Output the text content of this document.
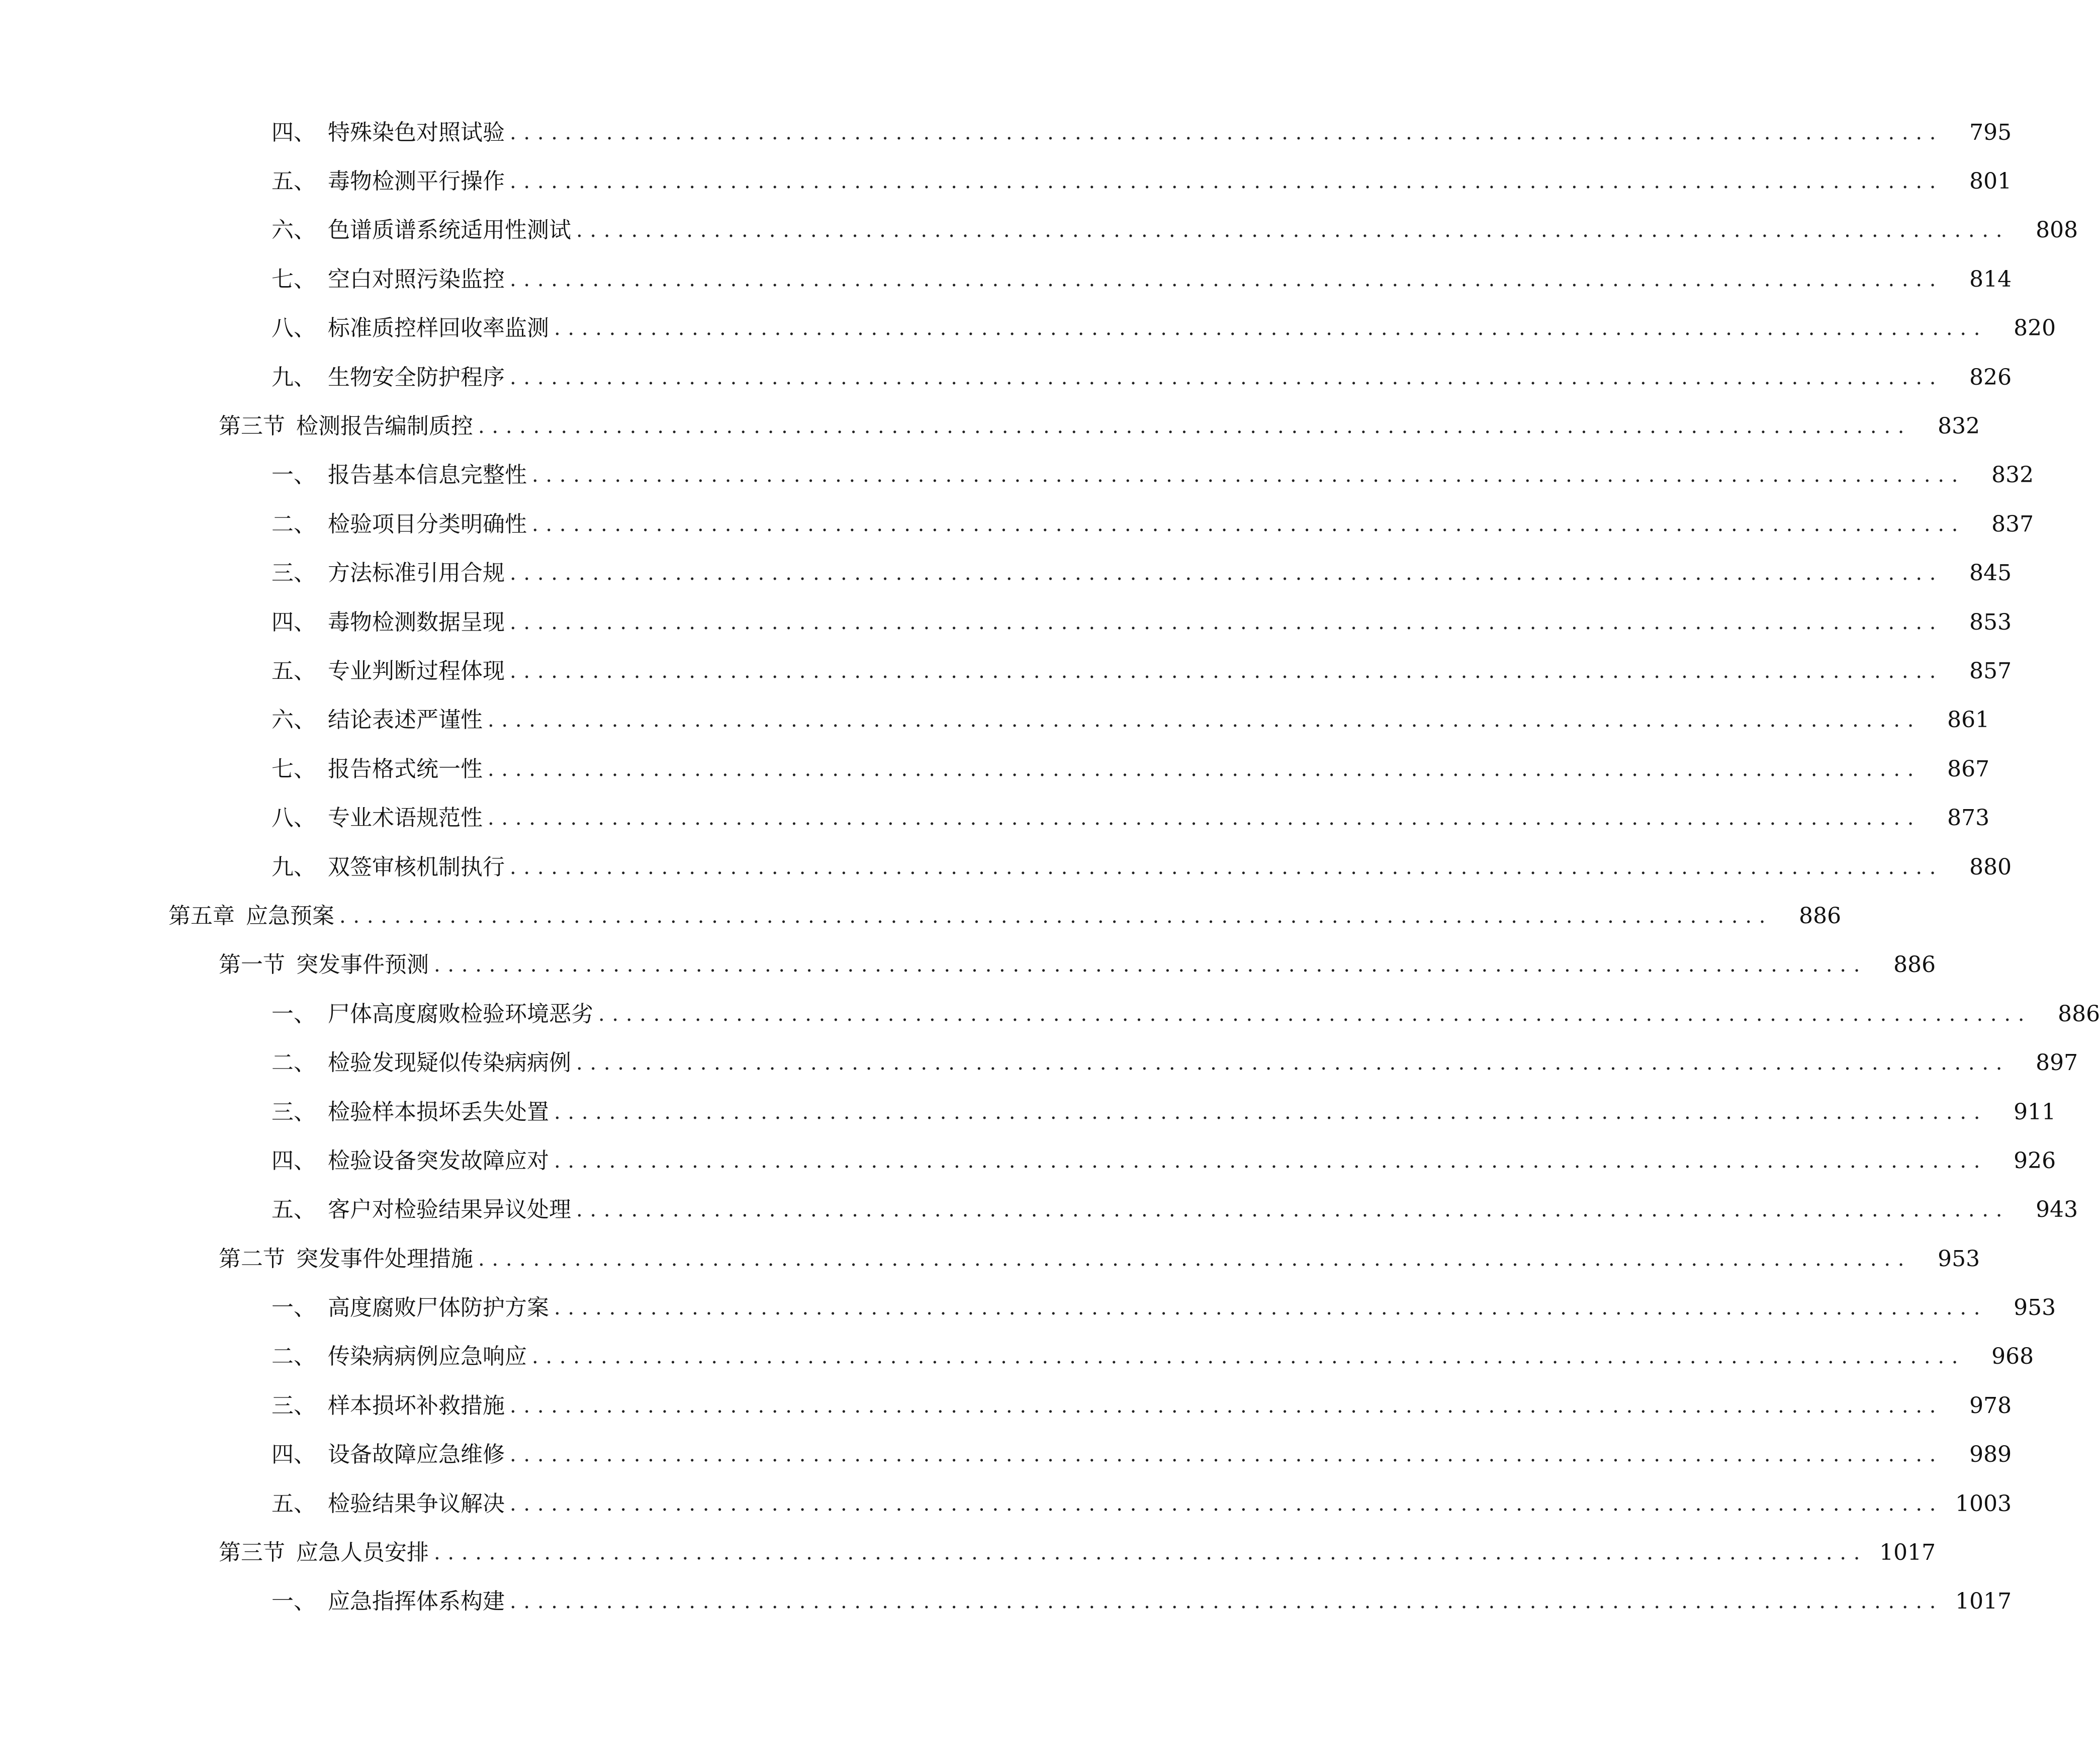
四、 特殊染色对照试验 ........................................................................................................	795
五、 毒物检测平行操作 ........................................................................................................	801
六、 色谱质谱系统适用性测试 ........................................................................................................	808
七、 空白对照污染监控 ........................................................................................................	814
八、 标准质控样回收率监测 ........................................................................................................	820
九、 生物安全防护程序 ........................................................................................................	826
第三节 检测报告编制质控 ........................................................................................................	832
一、 报告基本信息完整性 ........................................................................................................	832
二、 检验项目分类明确性 ........................................................................................................	837
三、 方法标准引用合规 ........................................................................................................	845
四、 毒物检测数据呈现 ........................................................................................................	853
五、 专业判断过程体现 ........................................................................................................	857
六、 结论表述严谨性 ........................................................................................................	861
七、 报告格式统一性 ........................................................................................................	867
八、 专业术语规范性 ........................................................................................................	873
九、 双签审核机制执行 ........................................................................................................	880
第五章 应急预案 ........................................................................................................	886
第一节 突发事件预测 ........................................................................................................	886
一、 尸体高度腐败检验环境恶劣 ........................................................................................................	886
二、 检验发现疑似传染病病例 ........................................................................................................	897
三、 检验样本损坏丢失处置 ........................................................................................................	911
四、 检验设备突发故障应对 ........................................................................................................	926
五、 客户对检验结果异议处理 ........................................................................................................	943
第二节 突发事件处理措施 ........................................................................................................	953
一、 高度腐败尸体防护方案 ........................................................................................................	953
二、 传染病病例应急响应 ........................................................................................................	968
三、 样本损坏补救措施 ........................................................................................................	978
四、 设备故障应急维修 ........................................................................................................	989
五、 检验结果争议解决 ........................................................................................................ 1003
第三节 应急人员安排 ........................................................................................................ 1017
一、 应急指挥体系构建 ........................................................................................................ 1017
